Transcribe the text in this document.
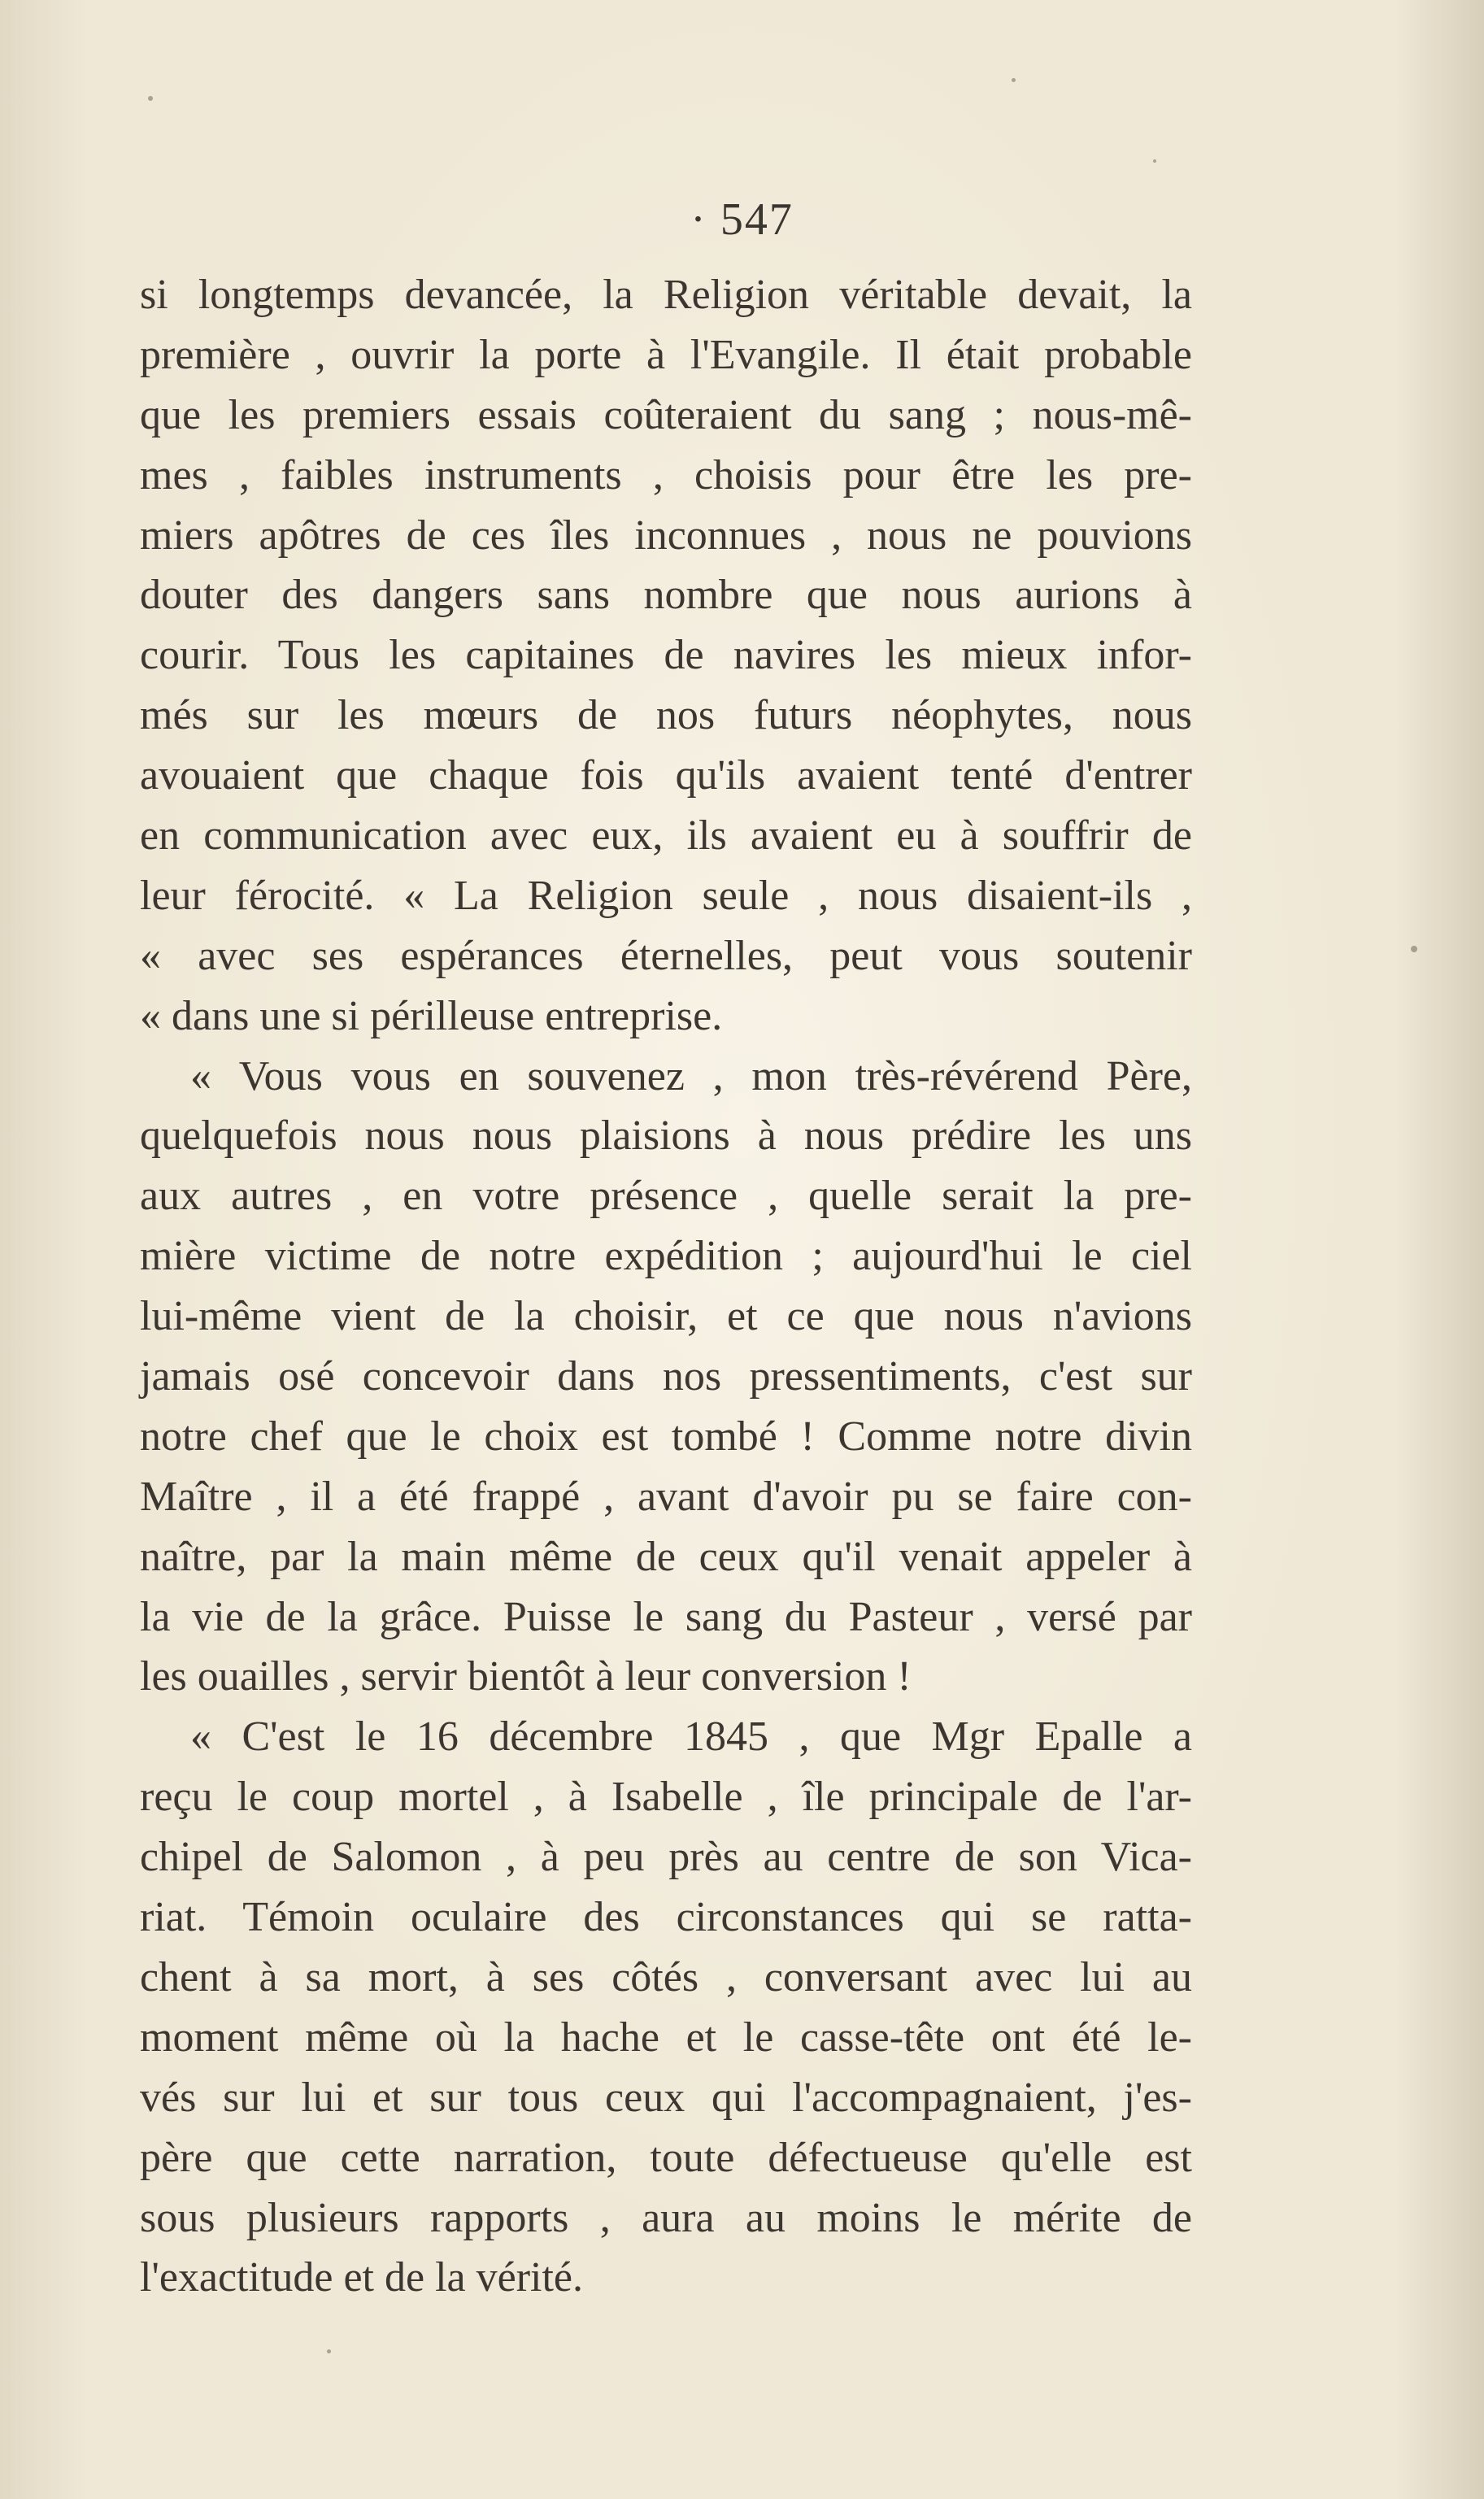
· 547
si longtemps devancée, la Religion véritable devait, la
première , ouvrir la porte à l'Evangile. Il était probable
que les premiers essais coûteraient du sang ; nous-mê-
mes , faibles instruments , choisis pour être les pre-
miers apôtres de ces îles inconnues , nous ne pouvions
douter des dangers sans nombre que nous aurions à
courir. Tous les capitaines de navires les mieux infor-
més sur les mœurs de nos futurs néophytes, nous
avouaient que chaque fois qu'ils avaient tenté d'entrer
en communication avec eux, ils avaient eu à souffrir de
leur férocité. « La Religion seule , nous disaient-ils ,
« avec ses espérances éternelles, peut vous soutenir
« dans une si périlleuse entreprise.
« Vous vous en souvenez , mon très-révérend Père,
quelquefois nous nous plaisions à nous prédire les uns
aux autres , en votre présence , quelle serait la pre-
mière victime de notre expédition ; aujourd'hui le ciel
lui-même vient de la choisir, et ce que nous n'avions
jamais osé concevoir dans nos pressentiments, c'est sur
notre chef que le choix est tombé ! Comme notre divin
Maître , il a été frappé , avant d'avoir pu se faire con-
naître, par la main même de ceux qu'il venait appeler à
la vie de la grâce. Puisse le sang du Pasteur , versé par
les ouailles , servir bientôt à leur conversion !
« C'est le 16 décembre 1845 , que Mgr Epalle a
reçu le coup mortel , à Isabelle , île principale de l'ar-
chipel de Salomon , à peu près au centre de son Vica-
riat. Témoin oculaire des circonstances qui se ratta-
chent à sa mort, à ses côtés , conversant avec lui au
moment même où la hache et le casse-tête ont été le-
vés sur lui et sur tous ceux qui l'accompagnaient, j'es-
père que cette narration, toute défectueuse qu'elle est
sous plusieurs rapports , aura au moins le mérite de
l'exactitude et de la vérité.
